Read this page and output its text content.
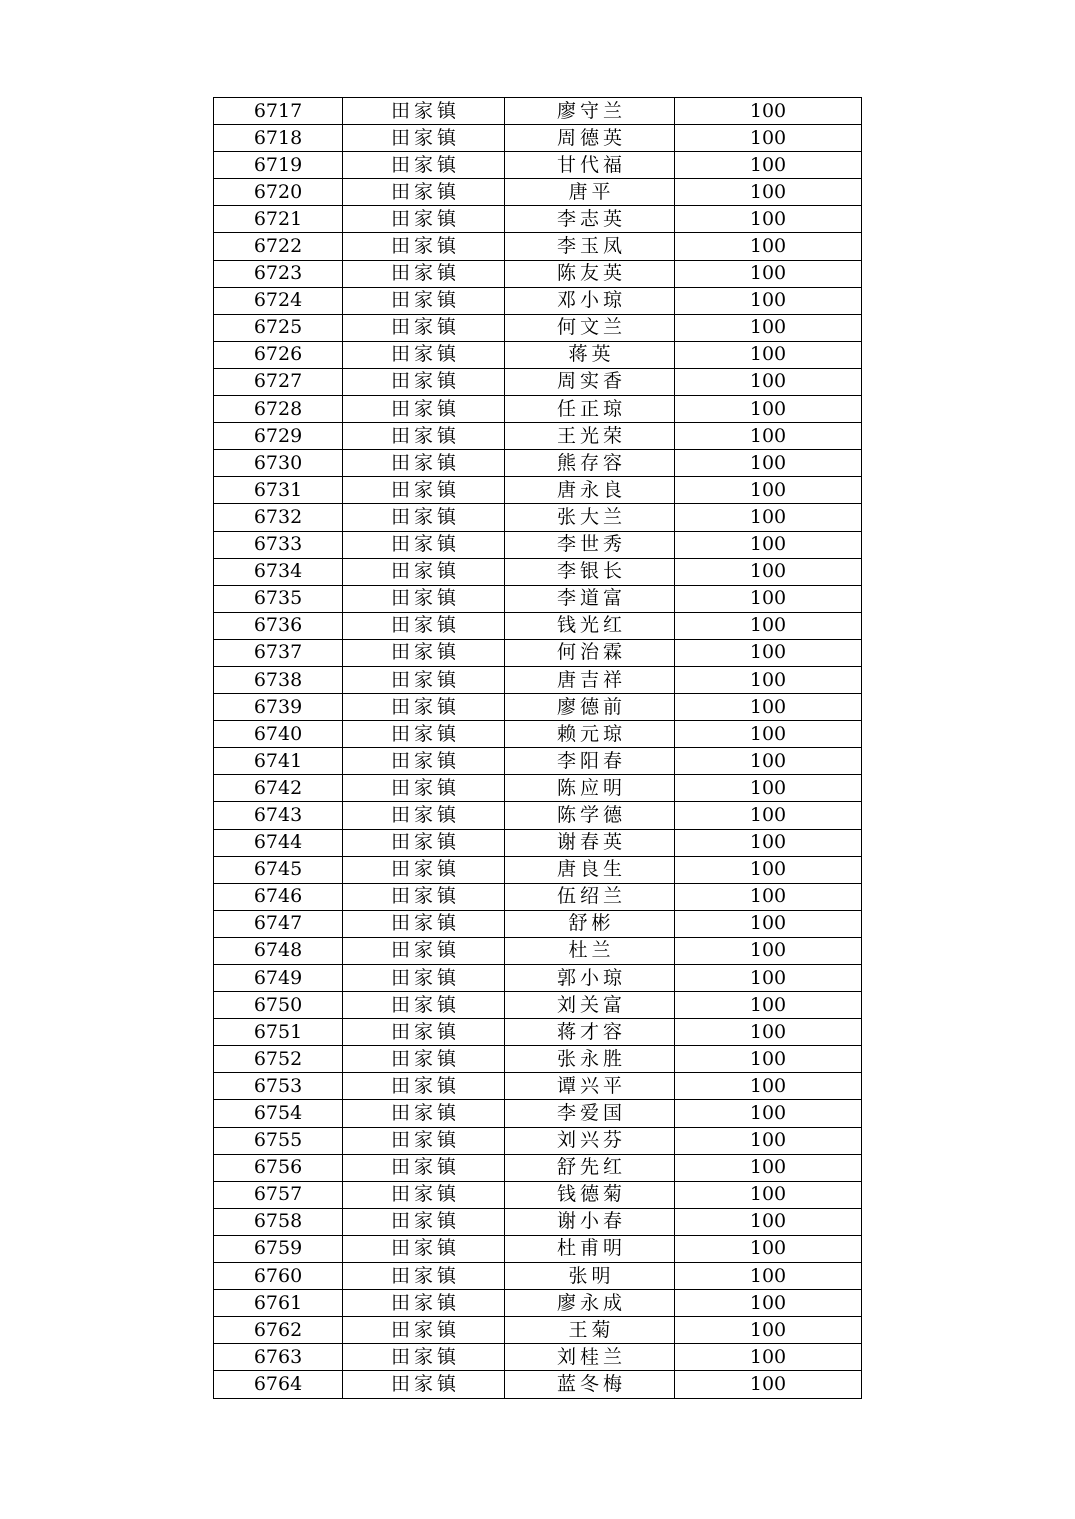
6717	田家镇	廖守兰	100
6718	田家镇	周德英	100
6719	田家镇	甘代福	100
6720	田家镇	唐平	100
6721	田家镇	李志英	100
6722	田家镇	李玉凤	100
6723	田家镇	陈友英	100
6724	田家镇	邓小琼	100
6725	田家镇	何文兰	100
6726	田家镇	蒋英	100
6727	田家镇	周实香	100
6728	田家镇	任正琼	100
6729	田家镇	王光荣	100
6730	田家镇	熊存容	100
6731	田家镇	唐永良	100
6732	田家镇	张大兰	100
6733	田家镇	李世秀	100
6734	田家镇	李银长	100
6735	田家镇	李道富	100
6736	田家镇	钱光红	100
6737	田家镇	何治霖	100
6738	田家镇	唐吉祥	100
6739	田家镇	廖德前	100
6740	田家镇	赖元琼	100
6741	田家镇	李阳春	100
6742	田家镇	陈应明	100
6743	田家镇	陈学德	100
6744	田家镇	谢春英	100
6745	田家镇	唐良生	100
6746	田家镇	伍绍兰	100
6747	田家镇	舒彬	100
6748	田家镇	杜兰	100
6749	田家镇	郭小琼	100
6750	田家镇	刘关富	100
6751	田家镇	蒋才容	100
6752	田家镇	张永胜	100
6753	田家镇	谭兴平	100
6754	田家镇	李爱国	100
6755	田家镇	刘兴芬	100
6756	田家镇	舒先红	100
6757	田家镇	钱德菊	100
6758	田家镇	谢小春	100
6759	田家镇	杜甫明	100
6760	田家镇	张明	100
6761	田家镇	廖永成	100
6762	田家镇	王菊	100
6763	田家镇	刘桂兰	100
6764	田家镇	蓝冬梅	100
